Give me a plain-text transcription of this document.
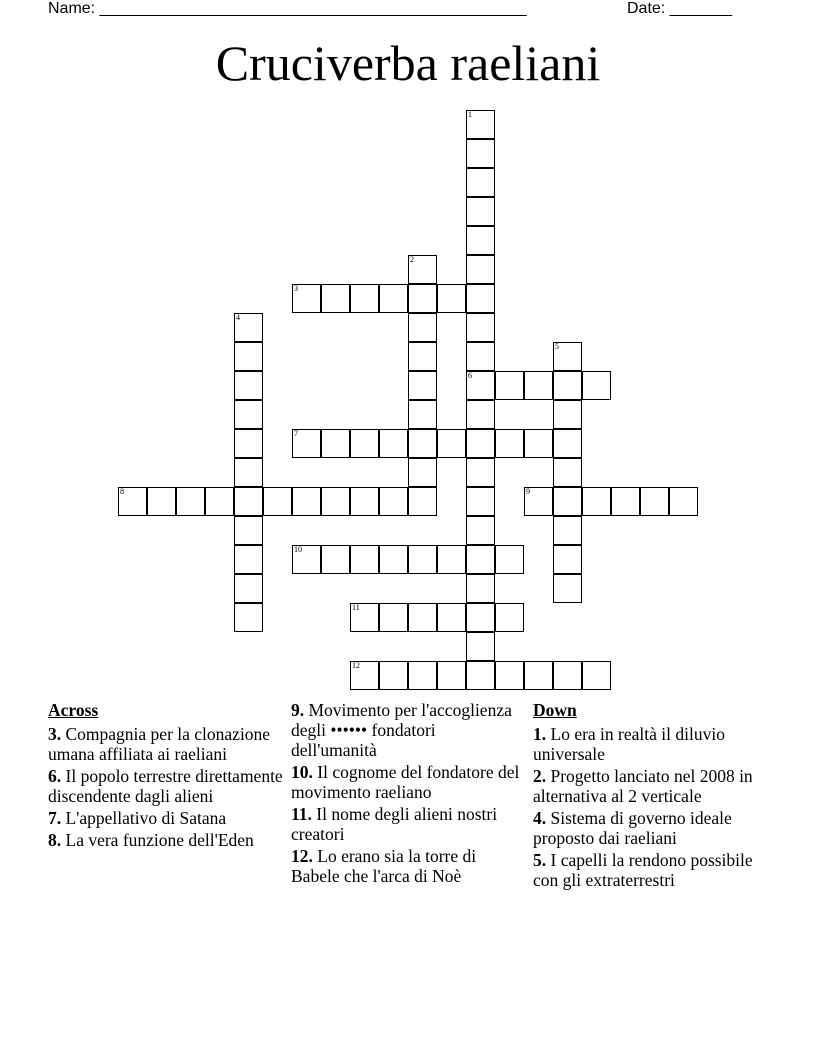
Name: ________________________________________________	Date: _______
Cruciverba raeliani
1
6
2
3
4
5
7
8	9
10
11
12
Across
3. Compagnia per la clonazione umana affiliata ai raeliani
6. Il popolo terrestre direttamente discendente dagli alieni
7. L'appellativo di Satana
8. La vera funzione dell'Eden
9. Movimento per l'accoglienza degli •••••• fondatori dell'umanità
10. Il cognome del fondatore del movimento raeliano
11. Il nome degli alieni nostri creatori
12. Lo erano sia la torre di Babele che l'arca di Noè
Down
1. Lo era in realtà il diluvio universale
2. Progetto lanciato nel 2008 in alternativa al 2 verticale
4. Sistema di governo ideale proposto dai raeliani
5. I capelli la rendono possibile con gli extraterrestri
